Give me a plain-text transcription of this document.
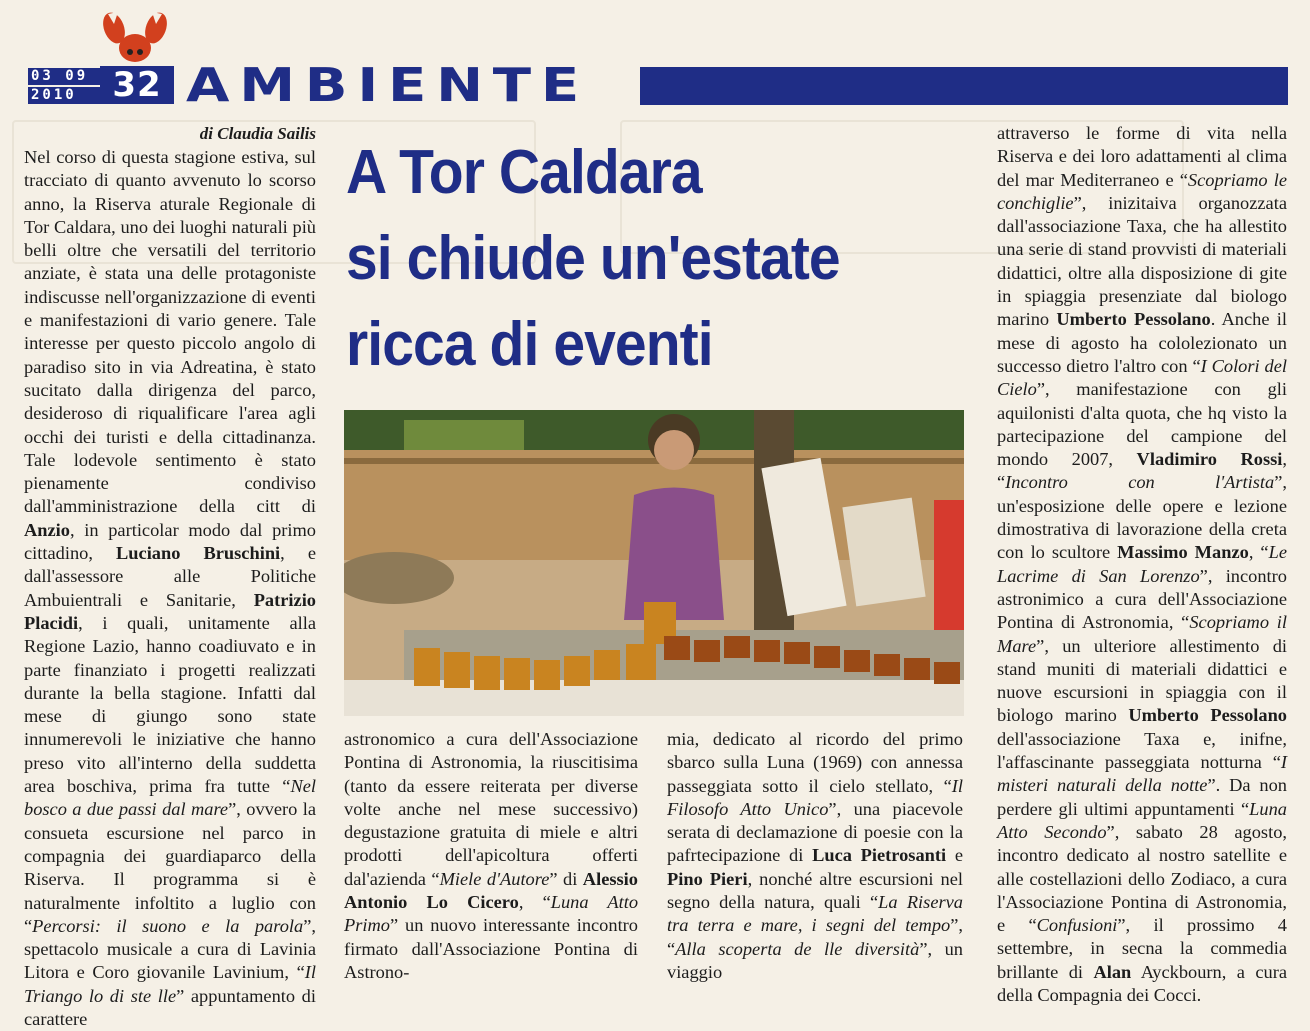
03 09
2010	32 AMBIENTE
di Claudia Sailis

Nel corso di questa stagione estiva, sul tracciato di quanto avvenuto lo scorso anno, la Riserva aturale Regionale di Tor Caldara, uno dei luoghi naturali più belli oltre che versatili del territorio anziate, è stata una delle protagoniste indiscusse nell'organizzazione di eventi e manifestazioni di vario genere. Tale interesse per questo piccolo angolo di paradiso sito in via Adreatina, è stato sucitato dalla dirigenza del parco, desideroso di riqualificare l'area agli occhi dei turisti e della cittadinanza. Tale lodevole sentimento è stato pienamente condiviso dall'amministrazione della citt di Anzio, in particolar modo dal primo cittadino, Luciano Bruschini, e dall'assessore alle Politiche Ambuientrali e Sanitarie, Patrizio Placidi, i quali, unitamente alla Regione Lazio, hanno coadiuvato e in parte finanziato i progetti realizzati durante la bella stagione. Infatti dal mese di giungo sono state innumerevoli le iniziative che hanno preso vito all'interno della suddetta area boschiva, prima fra tutte “Nel bosco a due passi dal mare”, ovvero la consueta escursione nel parco in compagnia dei guardiaparco della Riserva. Il programma si è naturalmente infoltito a luglio con “Percorsi: il suono e la parola”, spettacolo musicale a cura di Lavinia Litora e Coro giovanile Lavinium, “Il Triango lo di ste lle” appuntamento di carattere

A Tor Caldara
si chiude un'estate
ricca di eventi

astronomico a cura dell'Associazione Pontina di Astronomia, la riuscitisima (tanto da essere reiterata per diverse volte anche nel mese successivo) degustazione gratuita di miele e altri prodotti dell'apicoltura offerti dal'azienda “Miele d'Autore” di Alessio Antonio Lo Cicero, “Luna Atto Primo” un nuovo interessante incontro firmato dall'Associazione Pontina di Astrono-

mia, dedicato al ricordo del primo sbarco sulla Luna (1969) con annessa passeggiata sotto il cielo stellato, “Il Filosofo Atto Unico”, una piacevole serata di declamazione di poesie con la pafrtecipazione di Luca Pietrosanti e Pino Pieri, nonché altre escursioni nel segno della natura, quali “La Riserva tra terra e mare, i segni del tempo”, “Alla scoperta de lle diversità”, un viaggio

attraverso le forme di vita nella Riserva e dei loro adattamenti al clima del mar Mediterraneo e “Scopriamo le conchiglie”, inizitaiva organozzata dall'associazione Taxa, che ha allestito una serie di stand provvisti di materiali didattici, oltre alla disposizione di gite in spiaggia presenziate dal biologo marino Umberto Pessolano. Anche il mese di agosto ha cololezionato un successo dietro l'altro con “I Colori del Cielo”, manifestazione con gli aquilonisti d'alta quota, che hq visto la partecipazione del campione del mondo 2007, Vladimiro Rossi, “Incontro con l'Artista”, un'esposizione delle opere e lezione dimostrativa di lavorazione della creta con lo scultore Massimo Manzo, “Le Lacrime di San Lorenzo”, incontro astronimico a cura dell'Associazione Pontina di Astronomia, “Scopriamo il Mare”, un ulteriore allestimento di stand muniti di materiali didattici e nuove escursioni in spiaggia con il biologo marino Umberto Pessolano dell'associazione Taxa e, inifne, l'affascinante passeggiata notturna “I misteri naturali della notte”. Da non perdere gli ultimi appuntamenti “Luna Atto Secondo”, sabato 28 agosto, incontro dedicato al nostro satellite e alle costellazioni dello Zodiaco, a cura l'Associazione Pontina di Astronomia, e “Confusioni”, il prossimo 4 settembre, in secna la commedia brillante di Alan Ayckbourn, a cura della Compagnia dei Cocci.
